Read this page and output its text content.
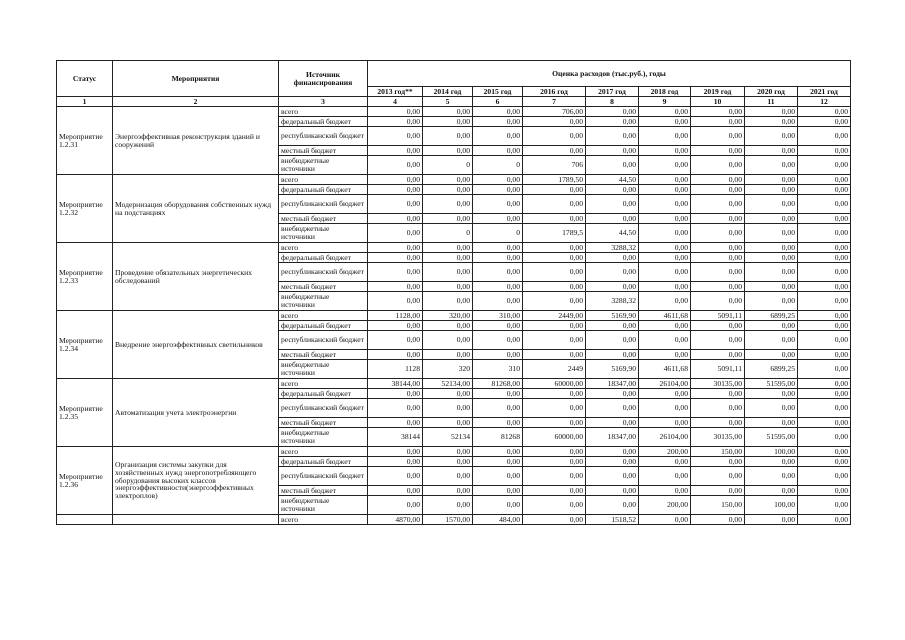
Статус	Мероприятия	Источник финансирования	Оценка расходов (тыс.руб.), годы								
			2013 год**	2014 год	2015 год	2016 год	2017 год	2018 год	2019 год	2020 год	2021 год
1	2	3	4	5	6	7	8	9	10	11	12
Мероприятие 1.2.31	Энергоэффективная реконструкция зданий и сооружений	всего	0,00	0,00	0,00	706,00	0,00	0,00	0,00	0,00	0,00
		федеральный бюджет	0,00	0,00	0,00	0,00	0,00	0,00	0,00	0,00	0,00
		республиканский бюджет	0,00	0,00	0,00	0,00	0,00	0,00	0,00	0,00	0,00
		местный бюджет	0,00	0,00	0,00	0,00	0,00	0,00	0,00	0,00	0,00
		внебюджетные источники	0,00	0	0	706	0,00	0,00	0,00	0,00	0,00
Мероприятие 1.2.32	Модернизация оборудования собственных нужд на подстанциях	всего	0,00	0,00	0,00	1789,50	44,50	0,00	0,00	0,00	0,00
		федеральный бюджет	0,00	0,00	0,00	0,00	0,00	0,00	0,00	0,00	0,00
		республиканский бюджет	0,00	0,00	0,00	0,00	0,00	0,00	0,00	0,00	0,00
		местный бюджет	0,00	0,00	0,00	0,00	0,00	0,00	0,00	0,00	0,00
		внебюджетные источники	0,00	0	0	1789,5	44,50	0,00	0,00	0,00	0,00
Мероприятие 1.2.33	Проведение обязательных энергетических обследований	всего	0,00	0,00	0,00	0,00	3288,32	0,00	0,00	0,00	0,00
		федеральный бюджет	0,00	0,00	0,00	0,00	0,00	0,00	0,00	0,00	0,00
		республиканский бюджет	0,00	0,00	0,00	0,00	0,00	0,00	0,00	0,00	0,00
		местный бюджет	0,00	0,00	0,00	0,00	0,00	0,00	0,00	0,00	0,00
		внебюджетные источники	0,00	0,00	0,00	0,00	3288,32	0,00	0,00	0,00	0,00
Мероприятие 1.2.34	Внедрение энергоэффективных светильников	всего	1128,00	320,00	310,00	2449,00	5169,90	4611,68	5091,11	6899,25	0,00
		федеральный бюджет	0,00	0,00	0,00	0,00	0,00	0,00	0,00	0,00	0,00
		республиканский бюджет	0,00	0,00	0,00	0,00	0,00	0,00	0,00	0,00	0,00
		местный бюджет	0,00	0,00	0,00	0,00	0,00	0,00	0,00	0,00	0,00
		внебюджетные источники	1128	320	310	2449	5169,90	4611,68	5091,11	6899,25	0,00
Мероприятие 1.2.35	Автоматизация учета электроэнергии	всего	38144,00	52134,00	81268,00	60000,00	18347,00	26104,00	30135,00	51595,00	0,00
		федеральный бюджет	0,00	0,00	0,00	0,00	0,00	0,00	0,00	0,00	0,00
		республиканский бюджет	0,00	0,00	0,00	0,00	0,00	0,00	0,00	0,00	0,00
		местный бюджет	0,00	0,00	0,00	0,00	0,00	0,00	0,00	0,00	0,00
		внебюджетные источники	38144	52134	81268	60000,00	18347,00	26104,00	30135,00	51595,00	0,00
Мероприятие 1.2.36	Организация системы закупки для хозяйственных нужд энергопотребляющего оборудования высоких классов энергоэффективности(энергоэффективных электроплов)	всего	0,00	0,00	0,00	0,00	0,00	200,00	150,00	100,00	0,00
		федеральный бюджет	0,00	0,00	0,00	0,00	0,00	0,00	0,00	0,00	0,00
		республиканский бюджет	0,00	0,00	0,00	0,00	0,00	0,00	0,00	0,00	0,00
		местный бюджет	0,00	0,00	0,00	0,00	0,00	0,00	0,00	0,00	0,00
		внебюджетные источники	0,00	0,00	0,00	0,00	0,00	200,00	150,00	100,00	0,00
		всего	4870,00	1570,00	484,00	0,00	1518,52	0,00	0,00	0,00	0,00
